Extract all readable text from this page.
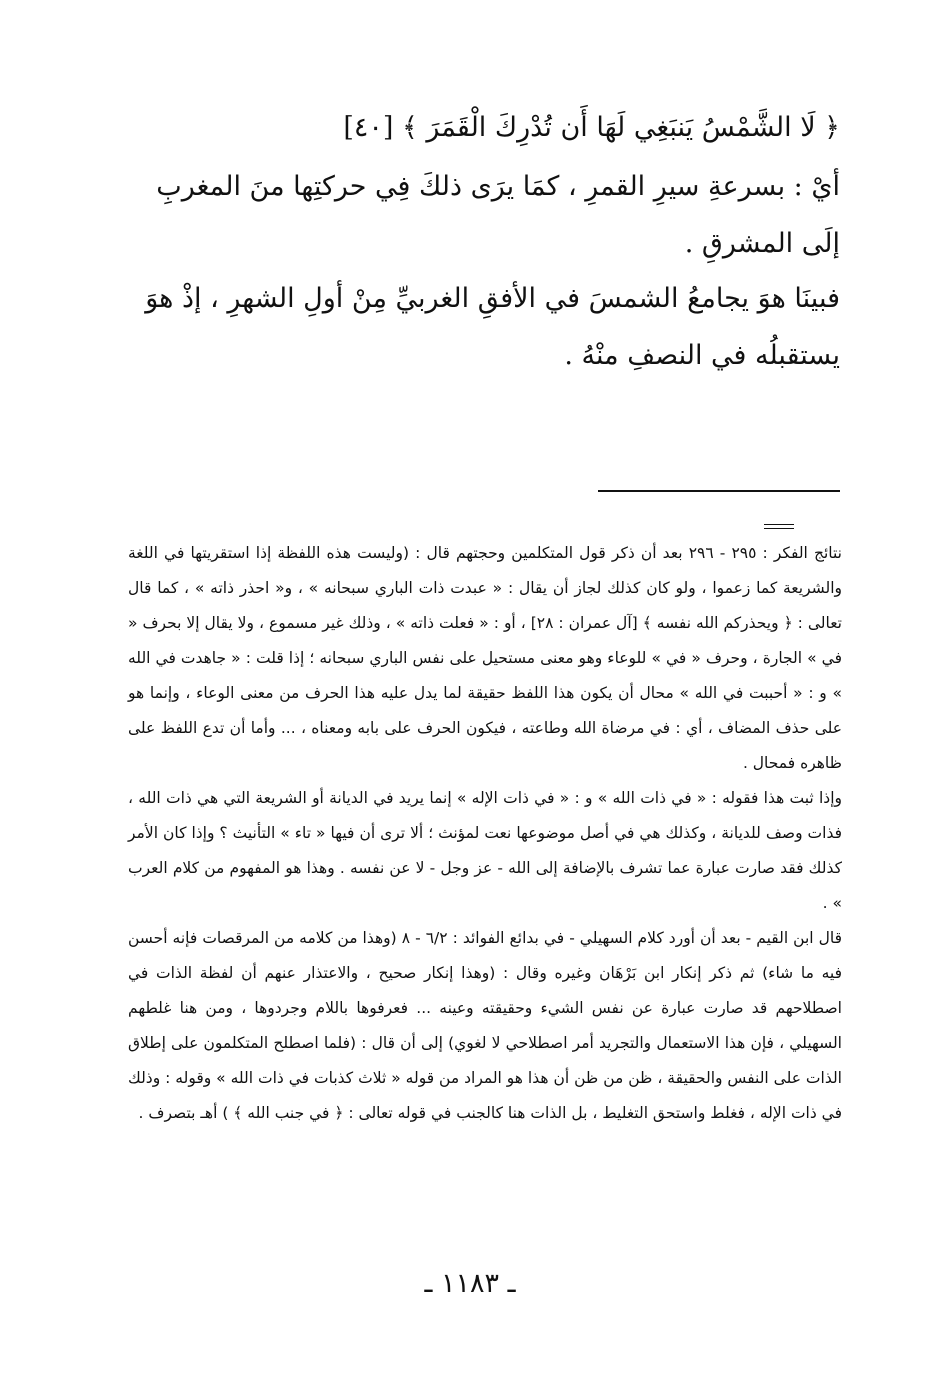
﴿ لَا الشَّمْسُ يَنبَغِي لَهَا أَن تُدْرِكَ الْقَمَرَ ﴾ [٤٠]
أيْ : بسرعةِ سيرِ القمرِ ، كمَا يرَى ذلكَ فِي حركتِها منَ المغربِ إلَى المشرقِ .
فبينَا هوَ يجامعُ الشمسَ في الأفقِ الغربيِّ مِنْ أولِ الشهرِ ، إذْ هوَ يستقبلُه في النصفِ منْهُ .

نتائج الفكر : ٢٩٥ - ٢٩٦ بعد أن ذكر قول المتكلمين وحجتهم قال : (وليست هذه اللفظة إذا استقريتها في اللغة والشريعة كما زعموا ، ولو كان كذلك لجاز أن يقال : « عبدت ذات الباري سبحانه » ، و« احذر ذاته » ، كما قال تعالى : ﴿ ويحذركم الله نفسه ﴾ [آل عمران : ٢٨] ، أو : « فعلت ذاته » ، وذلك غير مسموع ، ولا يقال إلا بحرف « في » الجارة ، وحرف « في » للوعاء وهو معنى مستحيل على نفس الباري سبحانه ؛ إذا قلت : « جاهدت في الله » و : « أحببت في الله » محال أن يكون هذا اللفظ حقيقة لما يدل عليه هذا الحرف من معنى الوعاء ، وإنما هو على حذف المضاف ، أي : في مرضاة الله وطاعته ، فيكون الحرف على بابه ومعناه ، ... وأما أن تدع اللفظ على ظاهره فمحال .

وإذا ثبت هذا فقوله : « في ذات الله » و : « في ذات الإله » إنما يريد في الديانة أو الشريعة التي هي ذات الله ، فذات وصف للديانة ، وكذلك هي في أصل موضوعها نعت لمؤنث ؛ ألا ترى أن فيها « تاء » التأنيث ؟ وإذا كان الأمر كذلك فقد صارت عبارة عما تشرف بالإضافة إلى الله - عز وجل - لا عن نفسه . وهذا هو المفهوم من كلام العرب » .

قال ابن القيم - بعد أن أورد كلام السهيلي - في بدائع الفوائد : ٦/٢ - ٨ (وهذا من كلامه من المرقصات فإنه أحسن فيه ما شاء) ثم ذكر إنكار ابن بَرْهَان وغيره وقال : (وهذا إنكار صحيح ، والاعتذار عنهم أن لفظة الذات في اصطلاحهم قد صارت عبارة عن نفس الشيء وحقيقته وعينه ... فعرفوها باللام وجردوها ، ومن هنا غلطهم السهيلي ، فإن هذا الاستعمال والتجريد أمر اصطلاحي لا لغوي) إلى أن قال : (فلما اصطلح المتكلمون على إطلاق الذات على النفس والحقيقة ، ظن من ظن أن هذا هو المراد من قوله « ثلاث كذبات في ذات الله » وقوله : وذلك في ذات الإله ، فغلط واستحق التغليط ، بل الذات هنا كالجنب في قوله تعالى : ﴿ في جنب الله ﴾ ) أهـ بتصرف .

ـ ١١٨٣ ـ
